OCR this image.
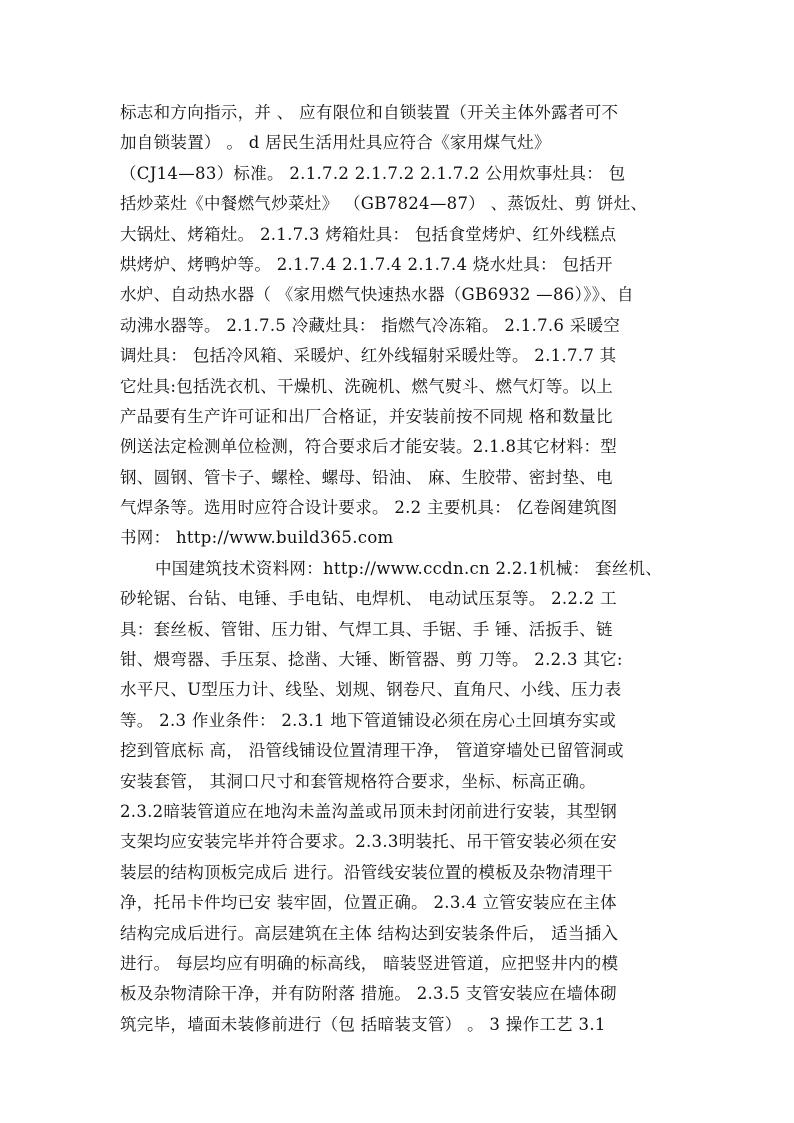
标志和方向指示，并 、 应有限位和自锁装置（开关主体外露者可不
加自锁装置） 。 d 居民生活用灶具应符合《家用煤气灶》
（CJ14—83）标准。 2.1.7.2 2.1.7.2 2.1.7.2 公用炊事灶具： 包
括炒菜灶《中餐燃气炒菜灶》 （GB7824—87） 、蒸饭灶、剪 饼灶、
大锅灶、烤箱灶。 2.1.7.3 烤箱灶具： 包括食堂烤炉、红外线糕点
烘烤炉、烤鸭炉等。 2.1.7.4 2.1.7.4 2.1.7.4 烧水灶具： 包括开
水炉、自动热水器（ 《家用燃气快速热水器（GB6932 —86）》》、自
动沸水器等。 2.1.7.5 冷藏灶具： 指燃气冷冻箱。 2.1.7.6 采暖空
调灶具： 包括冷风箱、采暖炉、红外线辐射采暖灶等。 2.1.7.7 其
它灶具:包括洗衣机、干燥机、洗碗机、燃气熨斗、燃气灯等。以上
产品要有生产许可证和出厂合格证，并安装前按不同规 格和数量比
例送法定检测单位检测，符合要求后才能安装。2.1.8其它材料：型
钢、圆钢、管卡子、螺栓、螺母、铅油、 麻、生胶带、密封垫、电
气焊条等。选用时应符合设计要求。 2.2 主要机具： 亿卷阁建筑图
书网： http://www.build365.com
中国建筑技术资料网：http://www.ccdn.cn 2.2.1机械： 套丝机、
砂轮锯、台钻、电锤、手电钻、电焊机、 电动试压泵等。 2.2.2 工
具：套丝板、管钳、压力钳、气焊工具、手锯、手 锤、活扳手、链
钳、煨弯器、手压泵、捻凿、大锤、断管器、剪 刀等。 2.2.3 其它:
水平尺、U型压力计、线坠、划规、钢卷尺、直角尺、小线、压力表
等。 2.3 作业条件： 2.3.1 地下管道铺设必须在房心土回填夯实或
挖到管底标 高， 沿管线铺设位置清理干净， 管道穿墙处已留管洞或
安装套管， 其洞口尺寸和套管规格符合要求，坐标、标高正确。
2.3.2暗装管道应在地沟未盖沟盖或吊顶未封闭前进行安装，其型钢
支架均应安装完毕并符合要求。2.3.3明装托、吊干管安装必须在安
装层的结构顶板完成后 进行。沿管线安装位置的模板及杂物清理干
净，托吊卡件均已安 装牢固，位置正确。 2.3.4 立管安装应在主体
结构完成后进行。高层建筑在主体 结构达到安装条件后， 适当插入
进行。 每层均应有明确的标高线， 暗装竖进管道，应把竖井内的模
板及杂物清除干净，并有防附落 措施。 2.3.5 支管安装应在墙体砌
筑完毕，墙面未装修前进行（包 括暗装支管） 。 3 操作工艺 3.1
